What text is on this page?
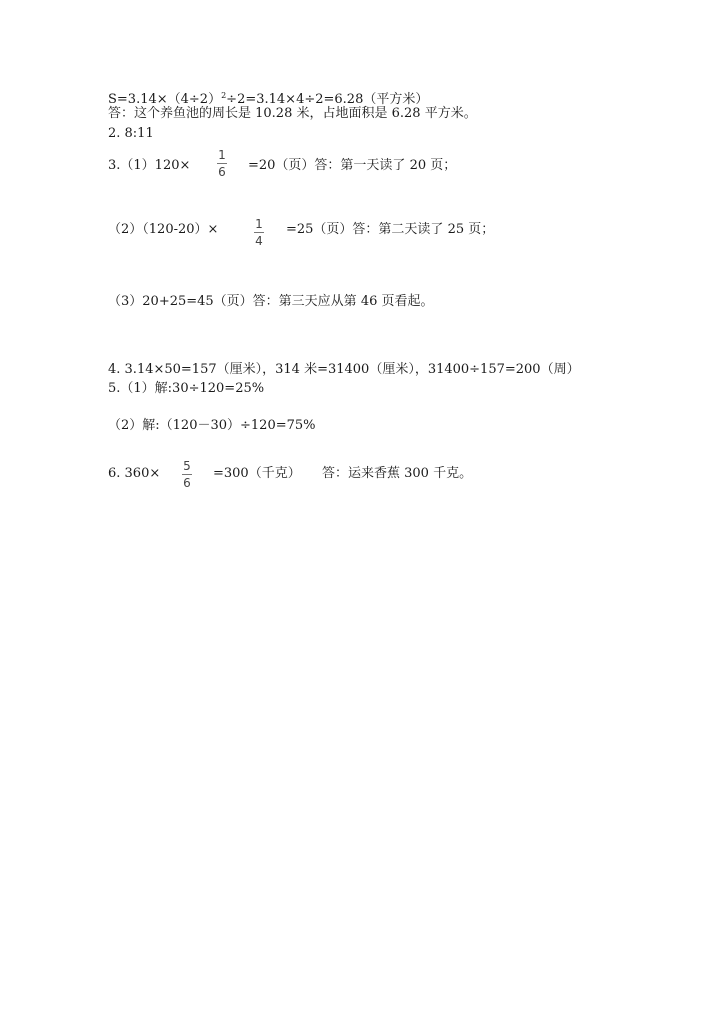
$S=3.14\times(4\div 2)^2\div 2=3.14\times 4\div 2=6.28$（平方米）
答：这个养鱼池的周长是 10.28 米，占地面积是 6.28 平方米。
2. 8:11
3.（1）120×
1
6 =20（页）答：第一天读了 20 页；
（2）（120-20）×	1
4
=25（页）答：第二天读了 25 页；
（3）20+25=45（页）答：第三天应从第 46 页看起。
4. 3.14×50=157（厘米），314 米=31400（厘米），31400÷157=200（周）
5.（1）解:30÷120=25%
（2）解:（120－30）÷120=75%
6. 360× 5
6
=300（千克） 答：运来香蕉 300 千克。
